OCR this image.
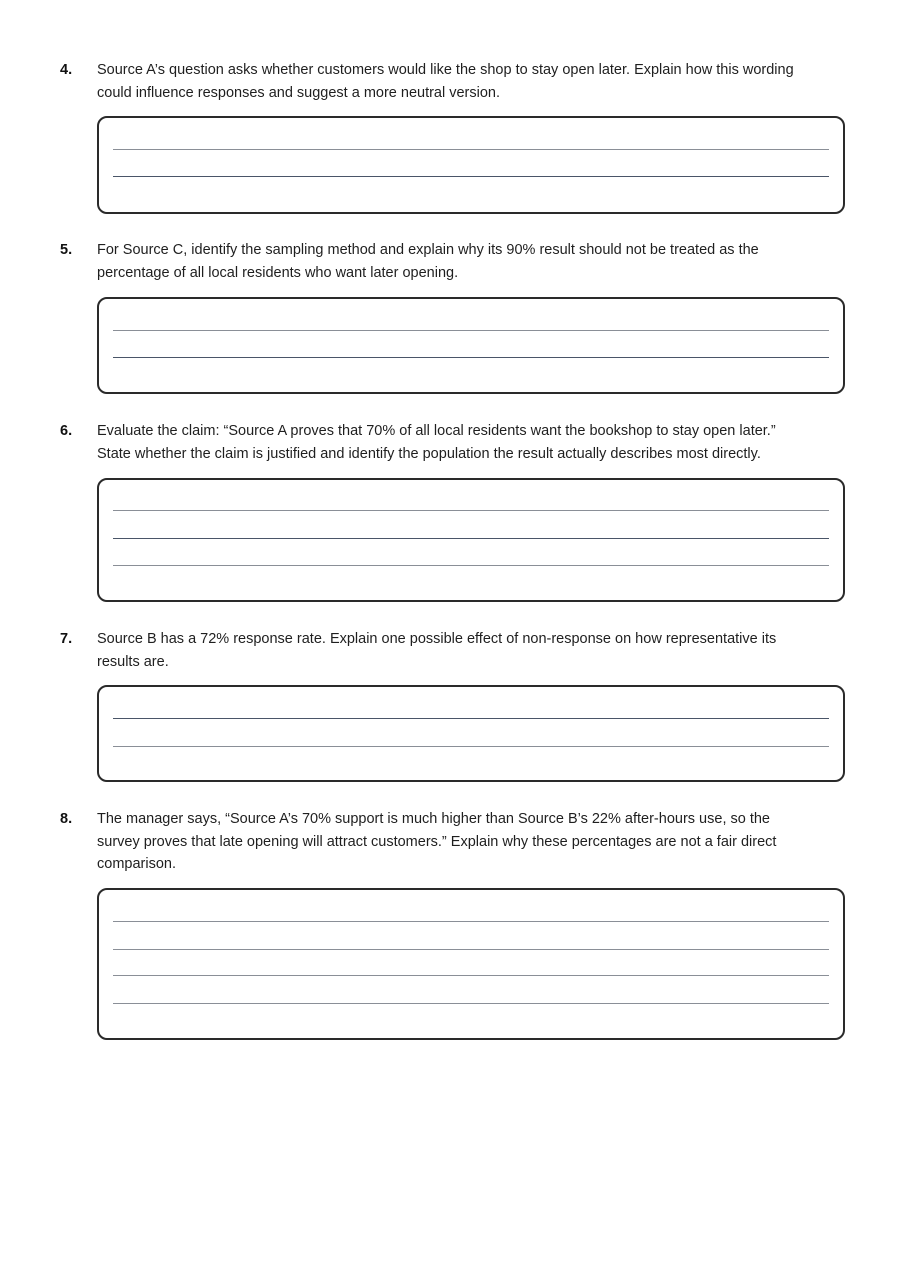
4. Source A’s question asks whether customers would like the shop to stay open later. Explain how this wording
could influence responses and suggest a more neutral version.
5. For Source C, identify the sampling method and explain why its 90% result should not be treated as the
percentage of all local residents who want later opening.
6. Evaluate the claim: “Source A proves that 70% of all local residents want the bookshop to stay open later.”
State whether the claim is justified and identify the population the result actually describes most directly.
7. Source B has a 72% response rate. Explain one possible effect of non-response on how representative its
results are.
8. The manager says, “Source A’s 70% support is much higher than Source B’s 22% after-hours use, so the
survey proves that late opening will attract customers.” Explain why these percentages are not a fair direct
comparison.
